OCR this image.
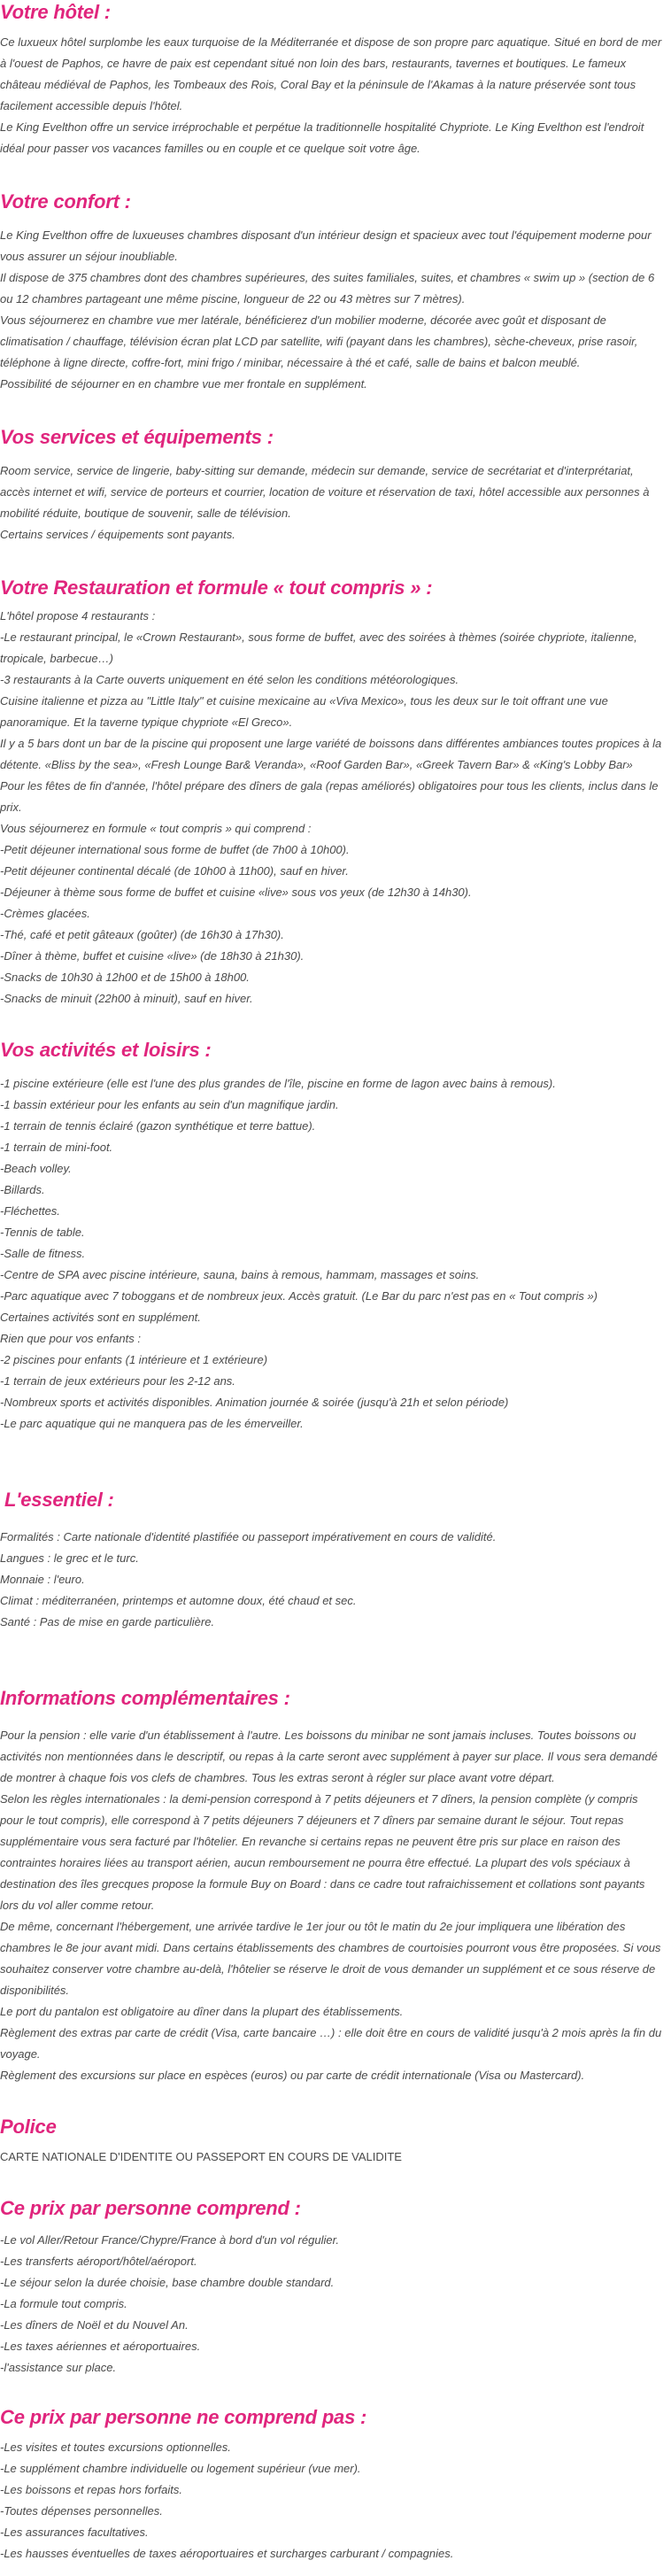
Votre hôtel :

Ce luxueux hôtel surplombe les eaux turquoise de la Méditerranée et dispose de son propre parc aquatique. Situé en bord de mer à l'ouest de Paphos, ce havre de paix est cependant situé non loin des bars, restaurants, tavernes et boutiques. Le fameux château médiéval de Paphos, les Tombeaux des Rois, Coral Bay et la péninsule de l'Akamas à la nature préservée sont tous facilement accessible depuis l'hôtel.

Le King Evelthon offre un service irréprochable et perpétue la traditionnelle hospitalité Chypriote. Le King Evelthon est l'endroit idéal pour passer vos vacances familles ou en couple et ce quelque soit votre âge.

Votre confort :

Le King Evelthon offre de luxueuses chambres disposant d'un intérieur design et spacieux avec tout l'équipement moderne pour vous assurer un séjour inoubliable.

Il dispose de 375 chambres dont des chambres supérieures, des suites familiales, suites, et chambres « swim up » (section de 6 ou 12 chambres partageant une même piscine, longueur de 22 ou 43 mètres sur 7 mètres).

Vous séjournerez en chambre vue mer latérale, bénéficierez d'un mobilier moderne, décorée avec goût et disposant de climatisation / chauffage, télévision écran plat LCD par satellite, wifi (payant dans les chambres), sèche-cheveux, prise rasoir, téléphone à ligne directe, coffre-fort, mini frigo / minibar, nécessaire à thé et café, salle de bains et balcon meublé.

Possibilité de séjourner en en chambre vue mer frontale en supplément.

Vos services et équipements :

Room service, service de lingerie, baby-sitting sur demande, médecin sur demande, service de secrétariat et d'interprétariat, accès internet et wifi, service de porteurs et courrier, location de voiture et réservation de taxi, hôtel accessible aux personnes à mobilité réduite, boutique de souvenir, salle de télévision.

Certains services / équipements sont payants.

Votre Restauration et formule « tout compris » :

L'hôtel propose 4 restaurants :

-Le restaurant principal, le «Crown Restaurant», sous forme de buffet, avec des soirées à thèmes (soirée chypriote, italienne, tropicale, barbecue…)

-3 restaurants à la Carte ouverts uniquement en été selon les conditions météorologiques.

Cuisine italienne et pizza au "Little Italy" et cuisine mexicaine au «Viva Mexico», tous les deux sur le toit offrant une vue panoramique. Et la taverne typique chypriote «El Greco».

Il y a 5 bars dont un bar de la piscine qui proposent une large variété de boissons dans différentes ambiances toutes propices à la détente. «Bliss by the sea», «Fresh Lounge Bar& Veranda», «Roof Garden Bar», «Greek Tavern Bar» & «King's Lobby Bar»

Pour les fêtes de fin d'année, l'hôtel prépare des dîners de gala (repas améliorés) obligatoires pour tous les clients, inclus dans le prix.

Vous séjournerez en formule « tout compris » qui comprend :

-Petit déjeuner international sous forme de buffet (de 7h00 à 10h00).

-Petit déjeuner continental décalé (de 10h00 à 11h00), sauf en hiver.

-Déjeuner à thème sous forme de buffet et cuisine «live» sous vos yeux (de 12h30 à 14h30).

-Crèmes glacées.

-Thé, café et petit gâteaux (goûter) (de 16h30 à 17h30).

-Dîner à thème, buffet et cuisine «live» (de 18h30 à 21h30).

-Snacks de 10h30 à 12h00 et de 15h00 à 18h00.

-Snacks de minuit (22h00 à minuit), sauf en hiver.

Vos activités et loisirs :

-1 piscine extérieure (elle est l'une des plus grandes de l'île, piscine en forme de lagon avec bains à remous).

-1 bassin extérieur pour les enfants au sein d'un magnifique jardin.

-1 terrain de tennis éclairé (gazon synthétique et terre battue).

-1 terrain de mini-foot.

-Beach volley.

-Billards.

-Fléchettes.

-Tennis de table.

-Salle de fitness.

-Centre de SPA avec piscine intérieure, sauna, bains à remous, hammam, massages et soins.

-Parc aquatique avec 7 toboggans et de nombreux jeux. Accès gratuit. (Le Bar du parc n'est pas en « Tout compris »)

Certaines activités sont en supplément.

Rien que pour vos enfants :

-2 piscines pour enfants (1 intérieure et 1 extérieure)

-1 terrain de jeux extérieurs pour les 2-12 ans.

-Nombreux sports et activités disponibles. Animation journée & soirée (jusqu'à 21h et selon période)

-Le parc aquatique qui ne manquera pas de les émerveiller.

L'essentiel :

Formalités : Carte nationale d'identité plastifiée ou passeport impérativement en cours de validité.

Langues : le grec et le turc.

Monnaie : l'euro.

Climat : méditerranéen, printemps et automne doux, été chaud et sec.

Santé : Pas de mise en garde particulière.

Informations complémentaires :

Pour la pension : elle varie d'un établissement à l'autre. Les boissons du minibar ne sont jamais incluses. Toutes boissons ou activités non mentionnées dans le descriptif, ou repas à la carte seront avec supplément à payer sur place. Il vous sera demandé de montrer à chaque fois vos clefs de chambres. Tous les extras seront à régler sur place avant votre départ.

Selon les règles internationales : la demi-pension correspond à 7 petits déjeuners et 7 dîners, la pension complète (y compris pour le tout compris), elle correspond à 7 petits déjeuners 7 déjeuners et 7 dîners par semaine durant le séjour. Tout repas supplémentaire vous sera facturé par l'hôtelier. En revanche si certains repas ne peuvent être pris sur place en raison des contraintes horaires liées au transport aérien, aucun remboursement ne pourra être effectué. La plupart des vols spéciaux à destination des îles grecques propose la formule Buy on Board : dans ce cadre tout rafraichissement et collations sont payants lors du vol aller comme retour.

De même, concernant l'hébergement, une arrivée tardive le 1er jour ou tôt le matin du 2e jour impliquera une libération des chambres le 8e jour avant midi. Dans certains établissements des chambres de courtoisies pourront vous être proposées. Si vous souhaitez conserver votre chambre au-delà, l'hôtelier se réserve le droit de vous demander un supplément et ce sous réserve de disponibilités.

Le port du pantalon est obligatoire au dîner dans la plupart des établissements.

Règlement des extras par carte de crédit (Visa, carte bancaire …) : elle doit être en cours de validité jusqu'à 2 mois après la fin du voyage.

Règlement des excursions sur place en espèces (euros) ou par carte de crédit internationale (Visa ou Mastercard).

Police

CARTE NATIONALE D'IDENTITE OU PASSEPORT EN COURS DE VALIDITE

Ce prix par personne comprend :

-Le vol Aller/Retour France/Chypre/France à bord d'un vol régulier.

-Les transferts aéroport/hôtel/aéroport.

-Le séjour selon la durée choisie, base chambre double standard.

-La formule tout compris.

-Les dîners de Noël et du Nouvel An.

-Les taxes aériennes et aéroportuaires.

-l'assistance sur place.

Ce prix par personne ne comprend pas :

-Les visites et toutes excursions optionnelles.

-Le supplément chambre individuelle ou logement supérieur (vue mer).

-Les boissons et repas hors forfaits.

-Toutes dépenses personnelles.

-Les assurances facultatives.

-Les hausses éventuelles de taxes aéroportuaires et surcharges carburant / compagnies.
